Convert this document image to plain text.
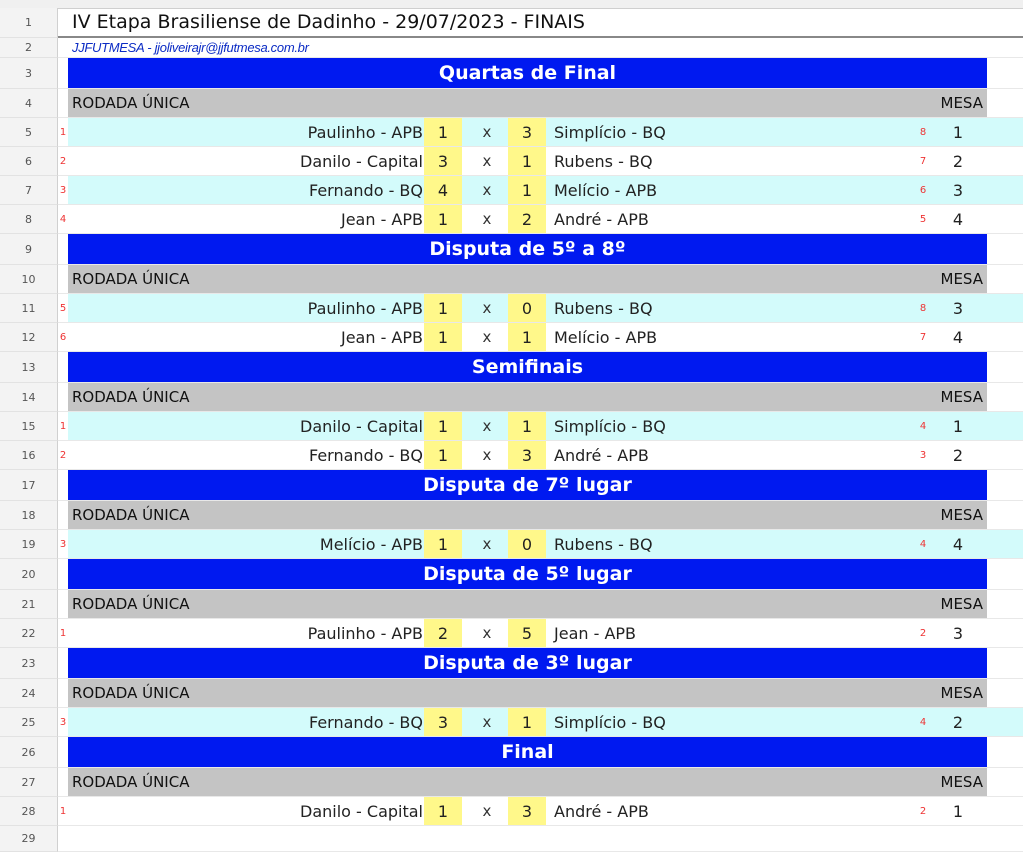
1	IV Etapa Brasiliense de Dadinho - 29/07/2023 - FINAIS
2	JJFUTMESA - jjoliveirajr@jjfutmesa.com.br
3	Quartas de Final
4	RODADA ÚNICA	MESA
5	1	Paulinho - APB 1	x	3	Simplício - BQ	8	1
6	2	Danilo - Capital 3	x	1	Rubens - BQ	7	2
7	3	Fernando - BQ 4	x	1	Melício - APB	6	3
8	4	Jean - APB 1	x	2	André - APB	5	4
9	Disputa de 5º a 8º
10	RODADA ÚNICA	MESA
11	5	Paulinho - APB 1	x	0	Rubens - BQ	8	3
12	6	Jean - APB 1	x	1	Melício - APB	7	4
13	Semifinais
14	RODADA ÚNICA	MESA
15	1	Danilo - Capital 1	x	1	Simplício - BQ	4	1
16	2	Fernando - BQ 1	x	3	André - APB	3	2
17	Disputa de 7º lugar
18	RODADA ÚNICA	MESA
19	3	Melício - APB 1	x	0	Rubens - BQ	4	4
20	Disputa de 5º lugar
21	RODADA ÚNICA	MESA
22	1	Paulinho - APB 2	x	5	Jean - APB	2	3
23	Disputa de 3º lugar
24	RODADA ÚNICA	MESA
25	3	Fernando - BQ 3	x	1	Simplício - BQ	4	2
26	Final
27	RODADA ÚNICA	MESA
28	1	Danilo - Capital 1	x	3	André - APB	2	1
29
